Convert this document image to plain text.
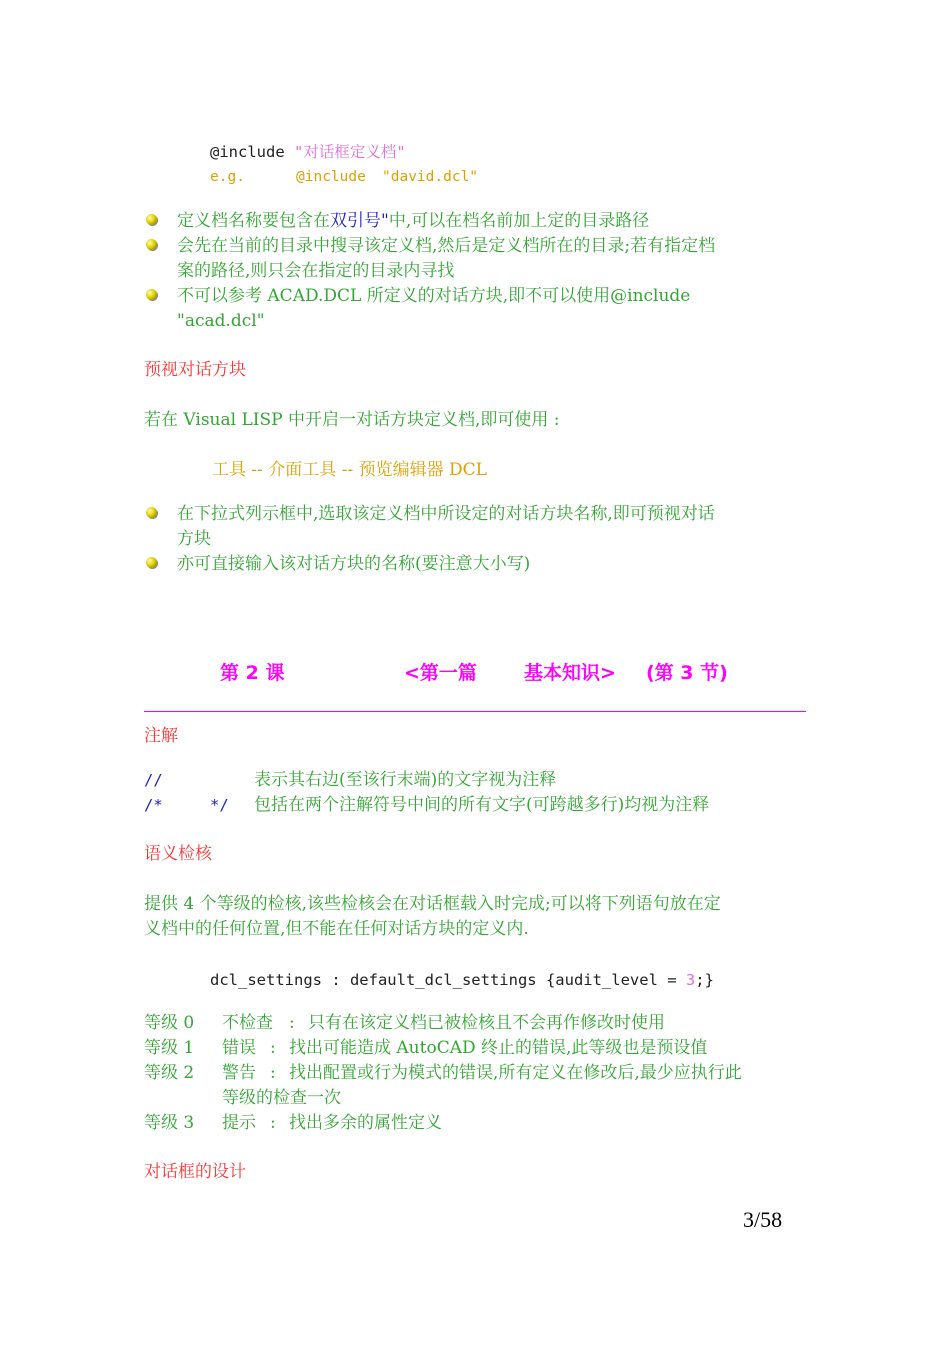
@include "对话框定义档"
e.g.	@include "david.dcl"
定义档名称要包含在双引号"中,可以在档名前加上定的目录路径
会先在当前的目录中搜寻该定义档,然后是定义档所在的目录;若有指定档
案的路径,则只会在指定的目录内寻找
不可以参考 ACAD.DCL 所定义的对话方块,即不可以使用@include
"acad.dcl"
预视对话方块
若在 Visual LISP 中开启一对话方块定义档,即可使用 :
工具 -- 介面工具 -- 预览编辑器 DCL
在下拉式列示框中,选取该定义档中所设定的对话方块名称,即可预视对话
方块
亦可直接输入该对话方块的名称(要注意大小写)
第 2 课	<第一篇 基本知识> (第 3 节)
注解
//	表示其右边(至该行末端)的文字视为注释
/*	*/ 包括在两个注解符号中间的所有文字(可跨越多行)均视为注释
语义检核
提供 4 个等级的检核,该些检核会在对话框载入时完成;可以将下列语句放在定
义档中的任何位置,但不能在任何对话方块的定义内.
dcl_settings : default_dcl_settings {audit_level = 3;}
等级 0 不检查 : 只有在该定义档已被检核且不会再作修改时使用
等级 1 错误 : 找出可能造成 AutoCAD 终止的错误,此等级也是预设值
等级 2 警告 : 找出配置或行为模式的错误,所有定义在修改后,最少应执行此
等级的检查一次
等级 3 提示 : 找出多余的属性定义
对话框的设计
3/58
